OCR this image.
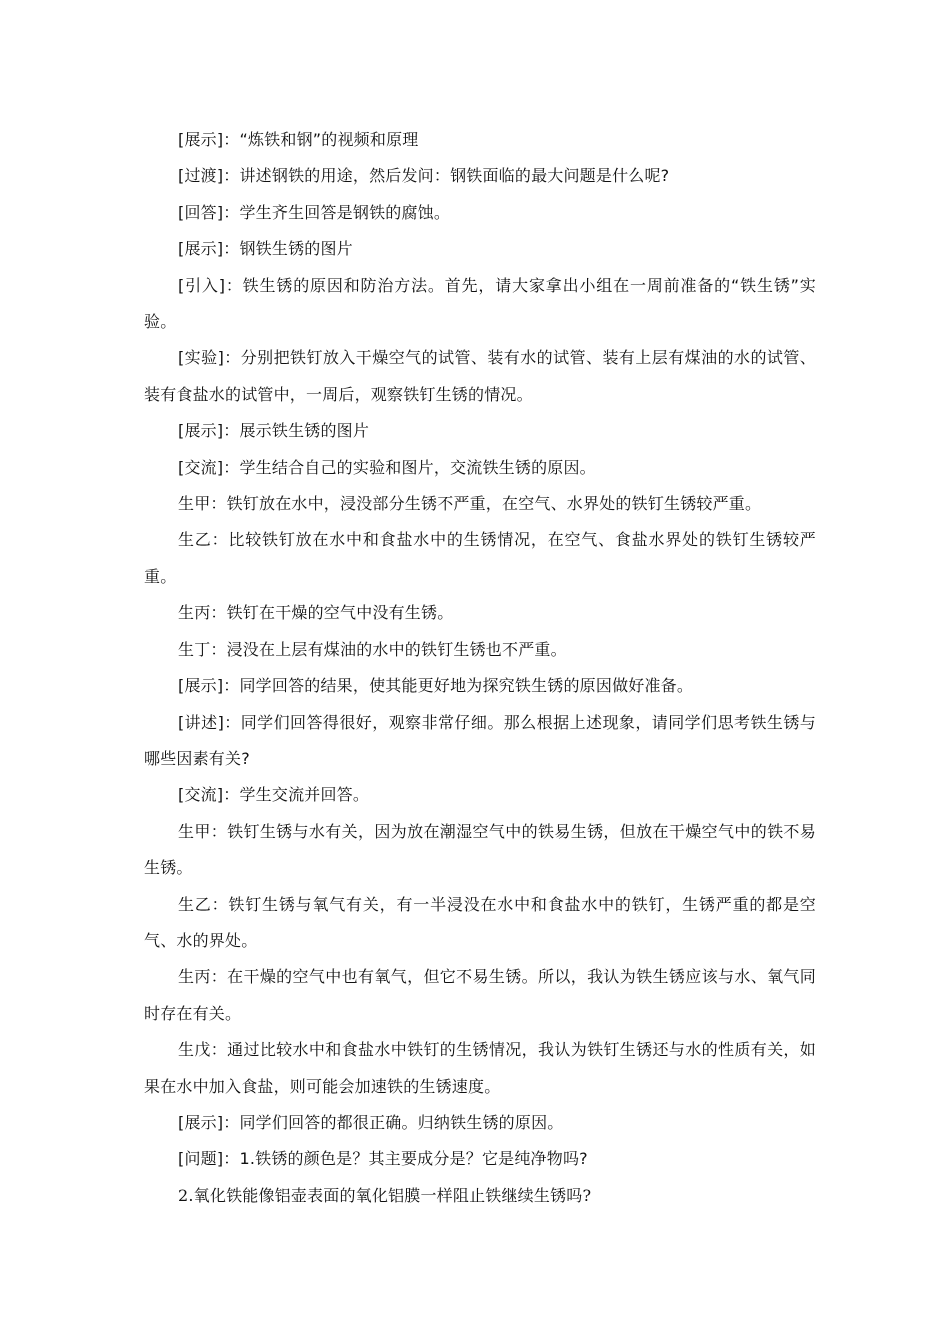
[展示]：“炼铁和钢”的视频和原理

[过渡]：讲述钢铁的用途，然后发问：钢铁面临的最大问题是什么呢?

[回答]：学生齐生回答是钢铁的腐蚀。

[展示]：钢铁生锈的图片

[引入]：铁生锈的原因和防治方法。首先，请大家拿出小组在一周前准备的“铁生锈”实验。

[实验]：分别把铁钉放入干燥空气的试管、装有水的试管、装有上层有煤油的水的试管、装有食盐水的试管中，一周后，观察铁钉生锈的情况。

[展示]：展示铁生锈的图片

[交流]：学生结合自己的实验和图片，交流铁生锈的原因。

生甲：铁钉放在水中，浸没部分生锈不严重，在空气、水界处的铁钉生锈较严重。

生乙：比较铁钉放在水中和食盐水中的生锈情况，在空气、食盐水界处的铁钉生锈较严重。

生丙：铁钉在干燥的空气中没有生锈。

生丁：浸没在上层有煤油的水中的铁钉生锈也不严重。

[展示]：同学回答的结果，使其能更好地为探究铁生锈的原因做好准备。

[讲述]：同学们回答得很好，观察非常仔细。那么根据上述现象，请同学们思考铁生锈与哪些因素有关?

[交流]：学生交流并回答。

生甲：铁钉生锈与水有关，因为放在潮湿空气中的铁易生锈，但放在干燥空气中的铁不易生锈。

生乙：铁钉生锈与氧气有关，有一半浸没在水中和食盐水中的铁钉，生锈严重的都是空气、水的界处。

生丙：在干燥的空气中也有氧气，但它不易生锈。所以，我认为铁生锈应该与水、氧气同时存在有关。

生戊：通过比较水中和食盐水中铁钉的生锈情况，我认为铁钉生锈还与水的性质有关，如果在水中加入食盐，则可能会加速铁的生锈速度。

[展示]：同学们回答的都很正确。归纳铁生锈的原因。

[问题]：1.铁锈的颜色是？其主要成分是？它是纯净物吗?

2.氧化铁能像铝壶表面的氧化铝膜一样阻止铁继续生锈吗?
